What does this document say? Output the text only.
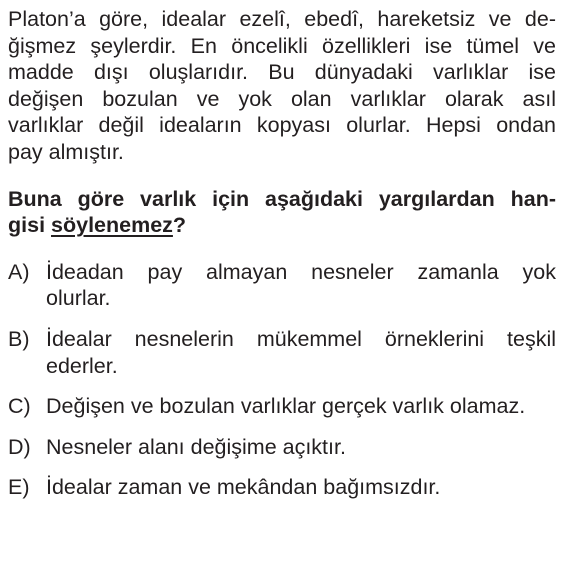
Platon’a göre, idealar ezelî, ebedî, hareketsiz ve de-
ğişmez şeylerdir. En öncelikli özellikleri ise tümel ve
madde dışı oluşlarıdır. Bu dünyadaki varlıklar ise
değişen bozulan ve yok olan varlıklar olarak asıl
varlıklar değil ideaların kopyası olurlar. Hepsi ondan
pay almıştır.
Buna göre varlık için aşağıdaki yargılardan han-
gisi söylenemez?
A) İdeadan pay almayan nesneler zamanla yok
olurlar.
B) İdealar nesnelerin mükemmel örneklerini teşkil
ederler.
C) Değişen ve bozulan varlıklar gerçek varlık olamaz.
D) Nesneler alanı değişime açıktır.
E) İdealar zaman ve mekândan bağımsızdır.
